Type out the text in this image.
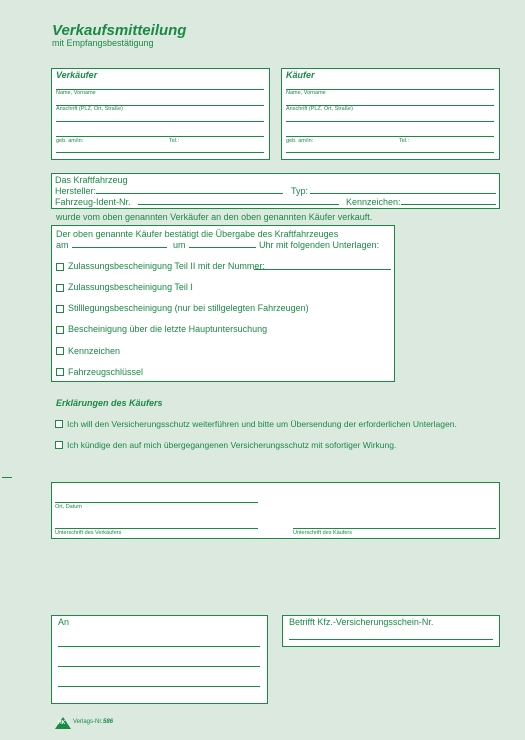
Verkaufsmitteilung
mit Empfangsbestätigung
Verkäufer
Name, Vorname
Anschrift (PLZ, Ort, Straße)
geb. am/in:	Tel.:
Käufer
Name, Vorname
Anschrift (PLZ, Ort, Straße)
geb. am/in:	Tel.:
Das Kraftfahrzeug
Hersteller:	Typ:
Fahrzeug-Ident-Nr.	Kennzeichen:
wurde vom oben genannten Verkäufer an den oben genannten Käufer verkauft.
Der oben genannte Käufer bestätigt die Übergabe des Kraftfahrzeuges
am	um	Uhr mit folgenden Unterlagen:
Zulassungsbescheinigung Teil II mit der Nummer:
Zulassungsbescheinigung Teil I
Stilllegungsbescheinigung (nur bei stillgelegten Fahrzeugen)
Bescheinigung über die letzte Hauptuntersuchung
Kennzeichen
Fahrzeugschlüssel
Erklärungen des Käufers
Ich will den Versicherungsschutz weiterführen und bitte um Übersendung der erforderlichen Unterlagen.
Ich kündige den auf mich übergegangenen Versicherungsschutz mit sofortiger Wirkung.
Ort, Datum
Unterschrift des Verkäufers	Unterschrift des Käufers
An	Betrifft Kfz.-Versicherungsschein-Nr.
HK Verlags-Nr. 586
